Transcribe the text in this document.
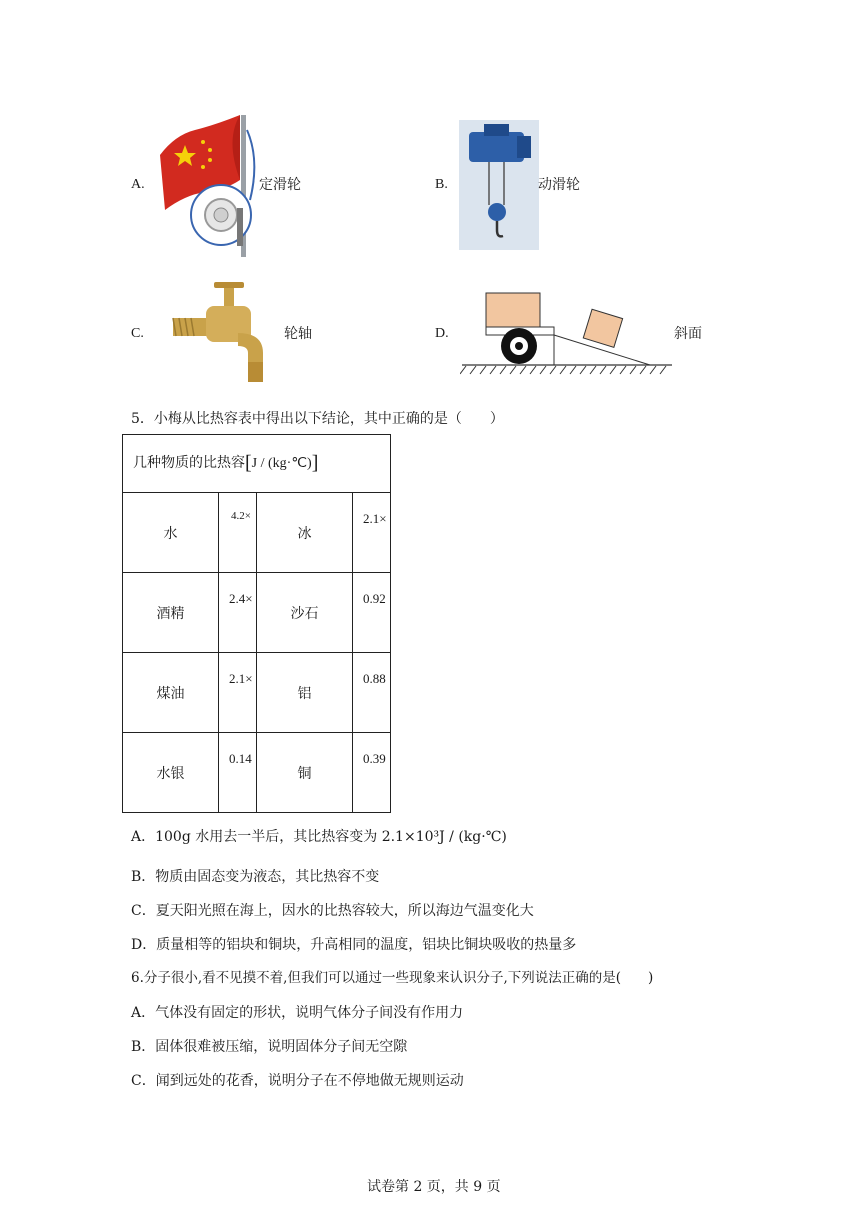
A.	定滑轮	B.	动滑轮
C.	轮轴	D.	斜面
5．小梅从比热容表中得出以下结论，其中正确的是（　　）
几种物质的比热容[J / (kg·℃)]			
水	4.2×	冰	2.1×

酒精	2.4×	沙石	0.92

煤油	2.1×	铝	0.88

水银	0.14	铜	0.39
A．100g 水用去一半后，其比热容变为 2.1×10³J / (kg·℃)
B．物质由固态变为液态，其比热容不变
C．夏天阳光照在海上，因水的比热容较大，所以海边气温变化大
D．质量相等的铝块和铜块，升高相同的温度，铝块比铜块吸收的热量多
6.分子很小,看不见摸不着,但我们可以通过一些现象来认识分子,下列说法正确的是(　　)
A．气体没有固定的形状，说明气体分子间没有作用力
B．固体很难被压缩，说明固体分子间无空隙
C．闻到远处的花香，说明分子在不停地做无规则运动
试卷第 2 页，共 9 页
